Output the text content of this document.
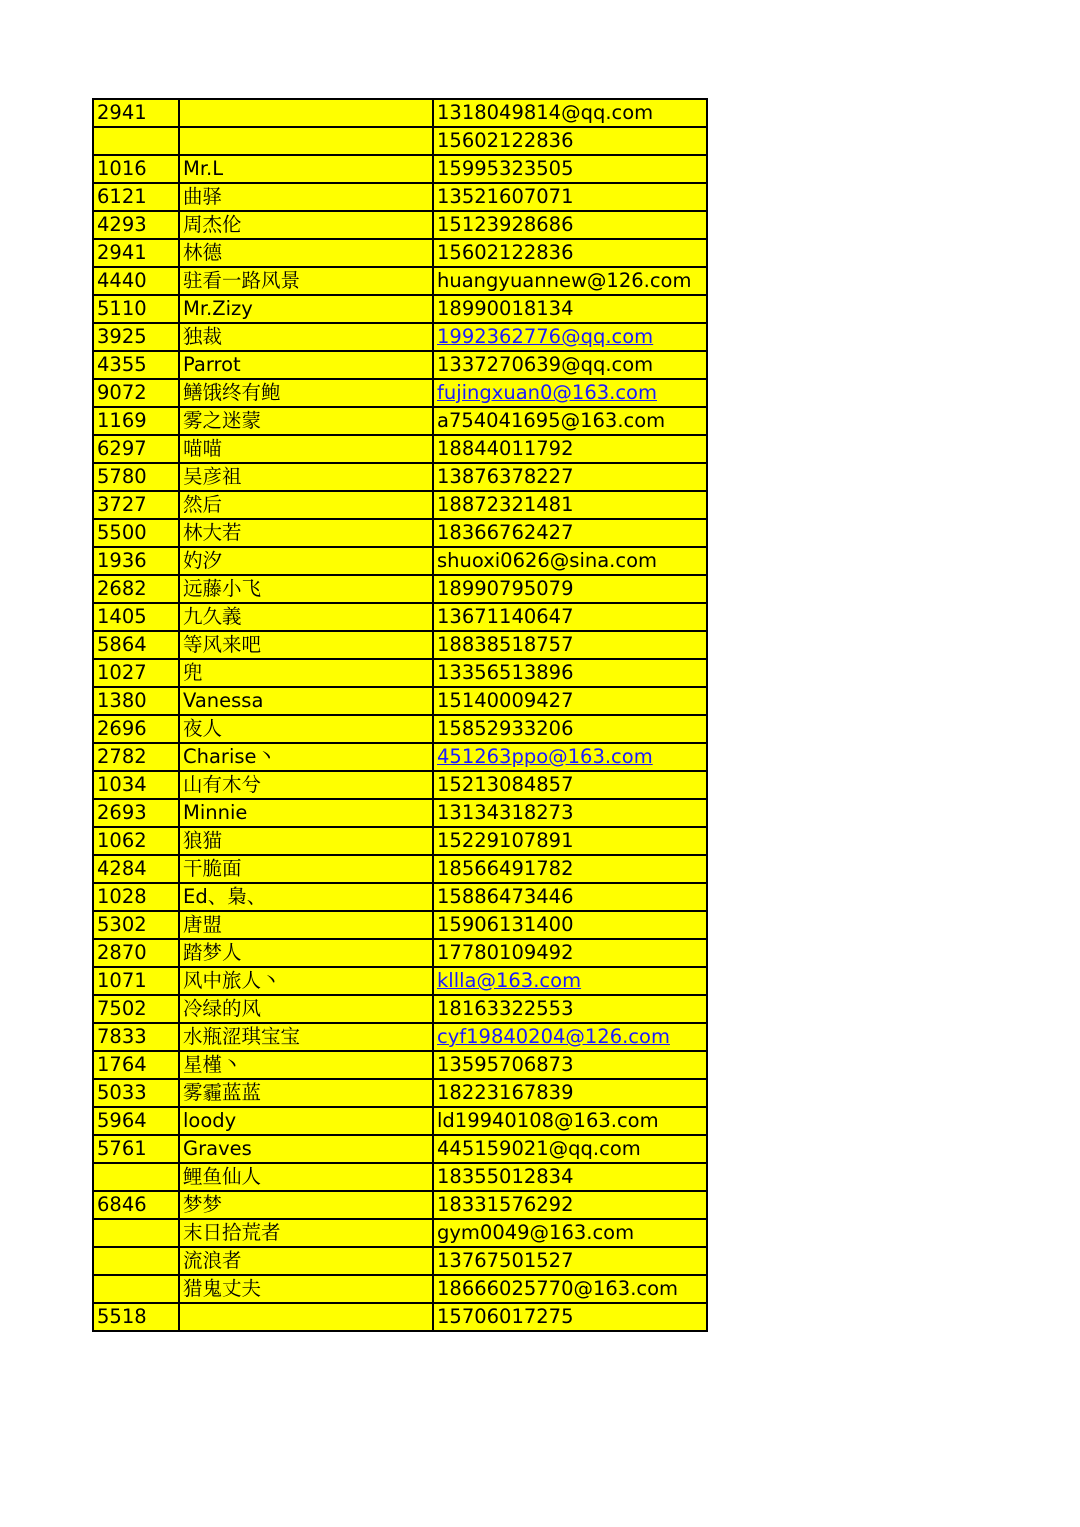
2941		1318049814@qq.com
		15602122836
1016	Mr.L	15995323505
6121	曲驿	13521607071
4293	周杰伦	15123928686
2941	林德	15602122836
4440	驻看一路风景	huangyuannew@126.com
5110	Mr.Zizy	18990018134
3925	独裁	1992362776@qq.com
4355	Parrot	1337270639@qq.com
9072	鳝饿终有鲍	fujingxuan0@163.com
1169	雾之迷蒙	a754041695@163.com
6297	喵喵	18844011792
5780	吴彦祖	13876378227
3727	然后	18872321481
5500	林大若	18366762427
1936	妁汐	shuoxi0626@sina.com
2682	远藤小飞	18990795079
1405	九久義	13671140647
5864	等风来吧	18838518757
1027	兜	13356513896
1380	Vanessa	15140009427
2696	夜人	15852933206
2782	Charise丶	451263ppo@163.com
1034	山有木兮	15213084857
2693	Minnie	13134318273
1062	狼猫	15229107891
4284	干脆面	18566491782
1028	Ed、梟、	15886473446
5302	唐盟	15906131400
2870	踏梦人	17780109492
1071	风中旅人丶	kllla@163.com
7502	冷绿的风	18163322553
7833	水瓶涩琪宝宝	cyf19840204@126.com
1764	星槿丶	13595706873
5033	雾霾蓝蓝	18223167839
5964	loody	ld19940108@163.com
5761	Graves	445159021@qq.com
	鲤鱼仙人	18355012834
6846	梦梦	18331576292
	末日拾荒者	gym0049@163.com
	流浪者	13767501527
	猎鬼丈夫	18666025770@163.com
5518		15706017275
